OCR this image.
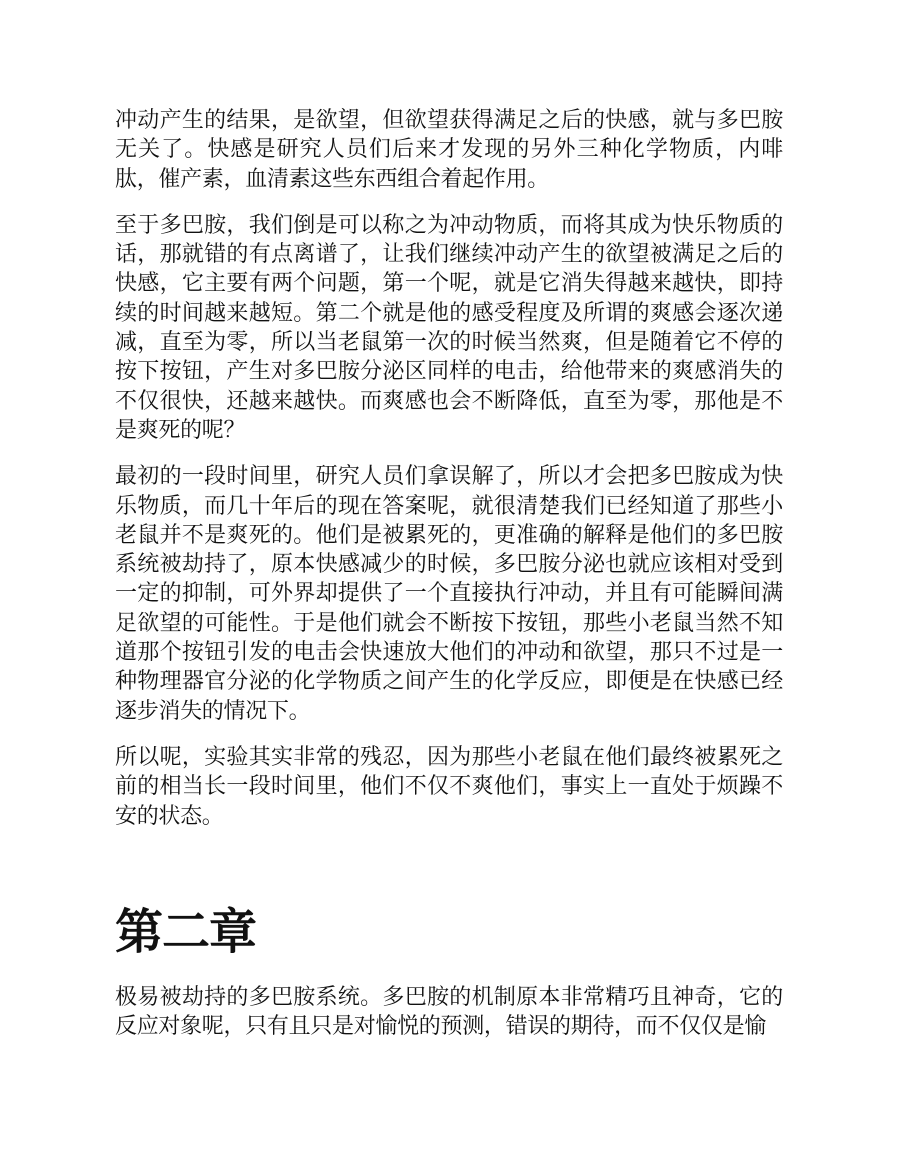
冲动产生的结果，是欲望，但欲望获得满足之后的快感，就与多巴胺无关了。快感是研究人员们后来才发现的另外三种化学物质，内啡肽，催产素，血清素这些东西组合着起作用。

至于多巴胺，我们倒是可以称之为冲动物质，而将其成为快乐物质的话，那就错的有点离谱了，让我们继续冲动产生的欲望被满足之后的快感，它主要有两个问题，第一个呢，就是它消失得越来越快，即持续的时间越来越短。第二个就是他的感受程度及所谓的爽感会逐次递减，直至为零，所以当老鼠第一次的时候当然爽，但是随着它不停的按下按钮，产生对多巴胺分泌区同样的电击，给他带来的爽感消失的不仅很快，还越来越快。而爽感也会不断降低，直至为零，那他是不是爽死的呢？

最初的一段时间里，研究人员们拿误解了，所以才会把多巴胺成为快乐物质，而几十年后的现在答案呢，就很清楚我们已经知道了那些小老鼠并不是爽死的。他们是被累死的，更准确的解释是他们的多巴胺系统被劫持了，原本快感减少的时候，多巴胺分泌也就应该相对受到一定的抑制，可外界却提供了一个直接执行冲动，并且有可能瞬间满足欲望的可能性。于是他们就会不断按下按钮，那些小老鼠当然不知道那个按钮引发的电击会快速放大他们的冲动和欲望，那只不过是一种物理器官分泌的化学物质之间产生的化学反应，即便是在快感已经逐步消失的情况下。

所以呢，实验其实非常的残忍，因为那些小老鼠在他们最终被累死之前的相当长一段时间里，他们不仅不爽他们，事实上一直处于烦躁不安的状态。

第二章

极易被劫持的多巴胺系统。多巴胺的机制原本非常精巧且神奇，它的反应对象呢，只有且只是对愉悦的预测，错误的期待，而不仅仅是愉
